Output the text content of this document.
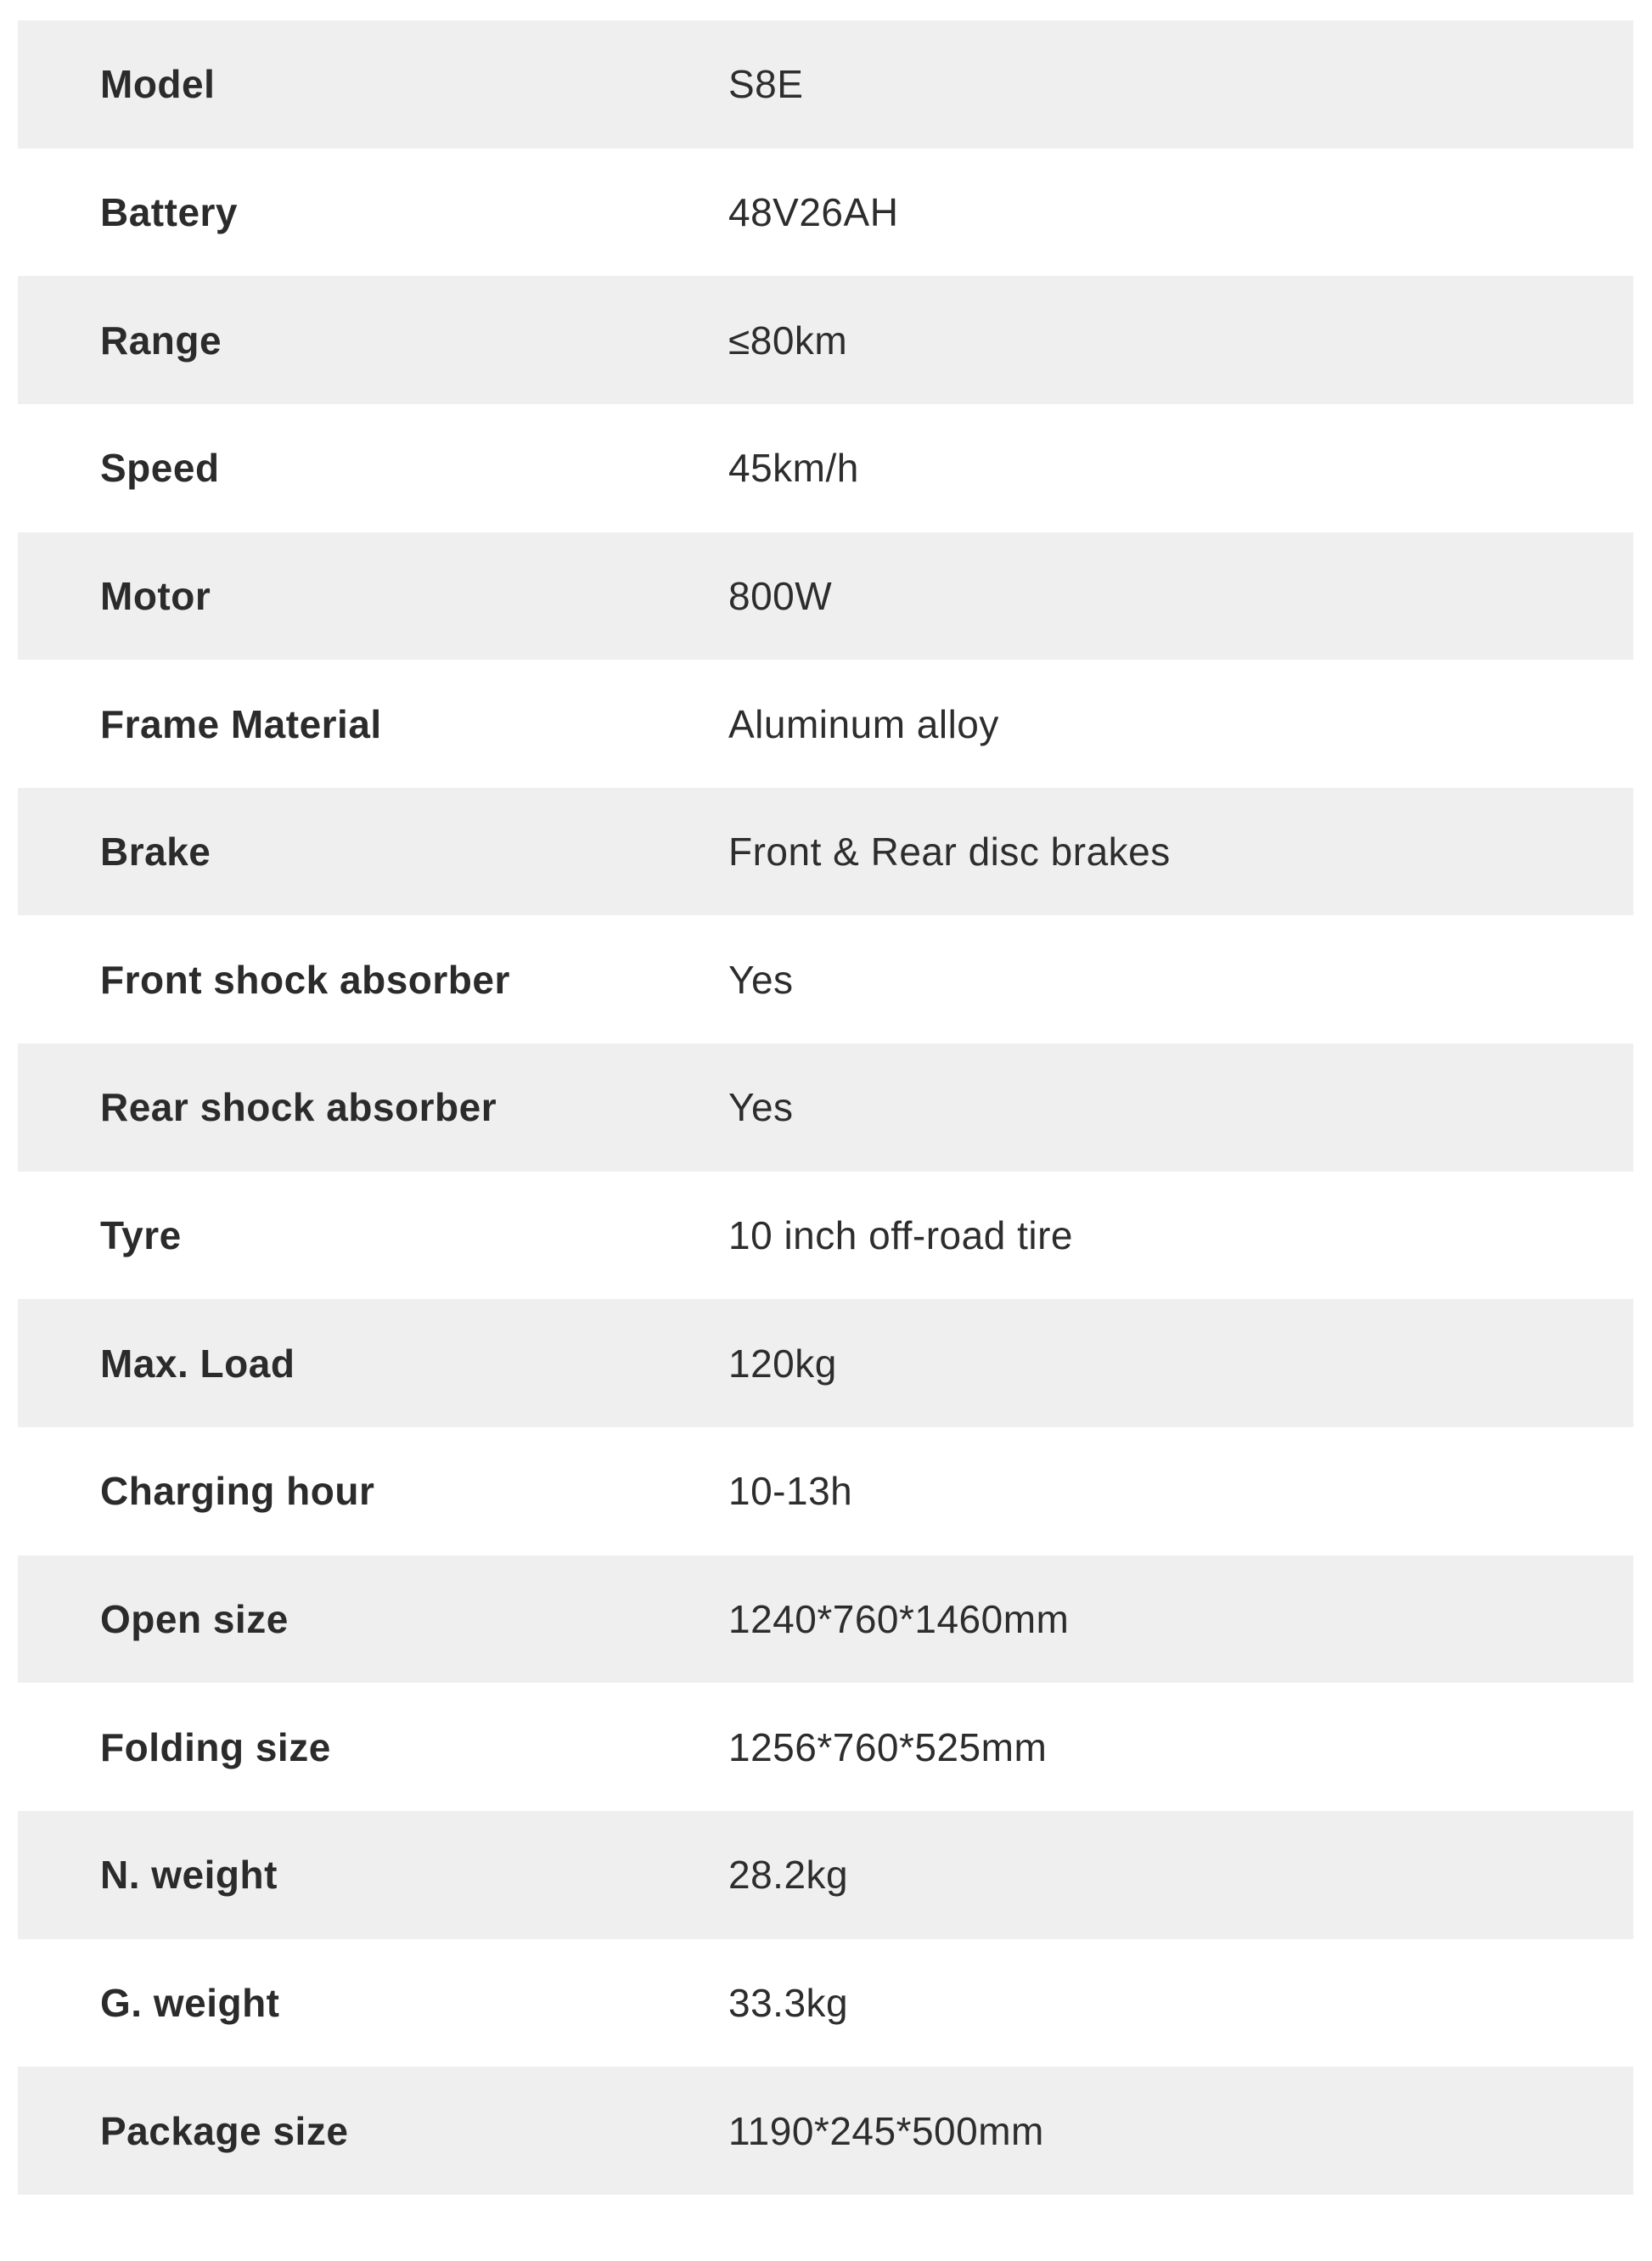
Model	S8E
Battery	48V26AH
Range	≤80km
Speed	45km/h
Motor	800W
Frame Material	Aluminum alloy
Brake	Front & Rear disc brakes
Front shock absorber	Yes
Rear shock absorber	Yes
Tyre	10 inch off-road tire
Max. Load	120kg
Charging hour	10-13h
Open size	1240*760*1460mm
Folding size	1256*760*525mm
N. weight	28.2kg
G. weight	33.3kg
Package size	1190*245*500mm
